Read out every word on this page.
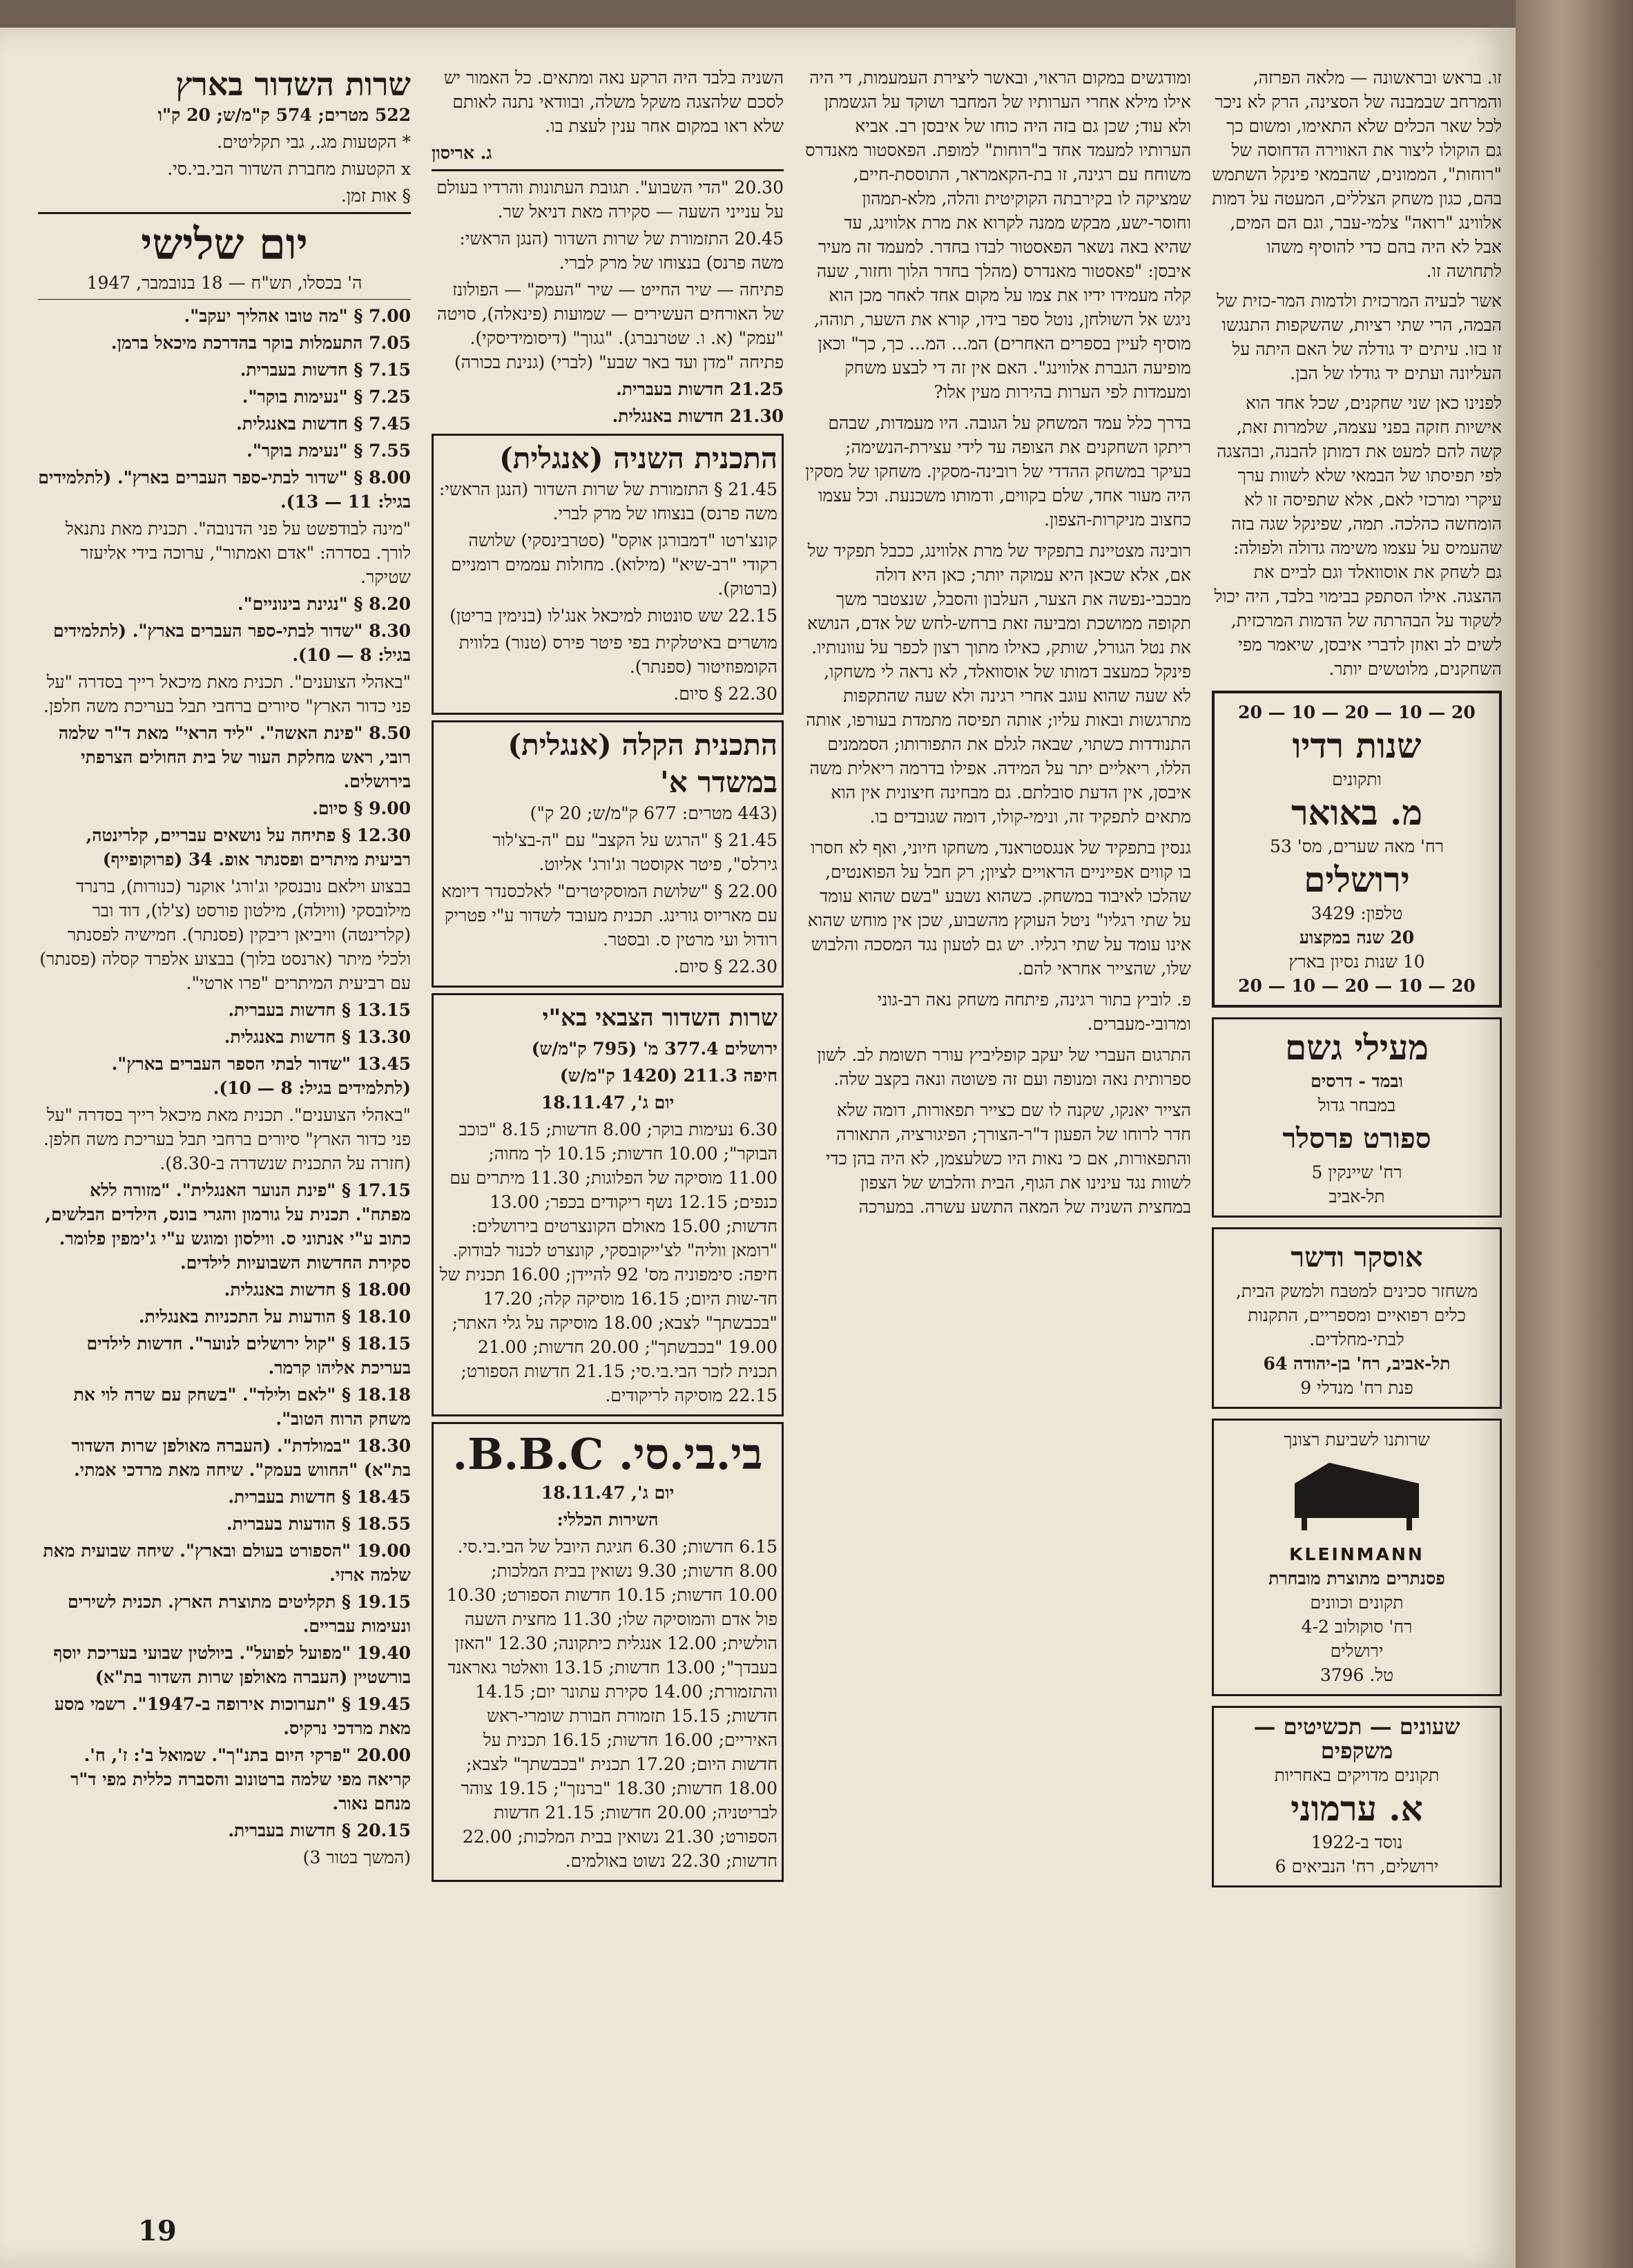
זו. בראש ובראשונה — מלאה הפרזה, והמרחב שבמבנה של הסצינה, הרק לא ניכר לכל שאר הכלים שלא התאימו, ומשום כך גם הוקולו ליצור את האווירה הדחוסה של "רוחות", הממונים, שהבמאי פינקל השתמש בהם, כגון משחק הצללים, המעטה על דמות אלווינג "רואה" צלמי-עבר, וגם הם המים, אבל לא היה בהם כדי להוסיף משהו לתחושה זו.

אשר לבעיה המרכזית ולדמות המר-כזית של הבמה, הרי שתי רציות, שהשקפות התנגשו זו בזו. עיתים יד גודלה של האם היתה על העליונה ועתים יד גודלו של הבן.

לפנינו כאן שני שחקנים, שכל אחד הוא אישיות חזקה בפני עצמה, שלמרות זאת, קשה להם למעט את דמותן להבנה, ובהצגה לפי תפיסתו של הבמאי שלא לשוות ערך עיקרי ומרכזי לאם, אלא שתפיסה זו לא הומחשה כהלכה. תמה, שפינקל שגה בזה שהעמיס על עצמו משימה גדולה ולפולה: גם לשחק את אוסוואלד וגם לביים את ההצגה. אילו הסתפק בבימוי בלבד, היה יכול לשקוד על הבהרתה של הדמות המרכזית, לשים לב ואוזן לדברי איבסן, שיאמר מפי השחקנים, מלוטשים יותר.

20 — 10 — 20 — 10 — 20
שנות רדיו
ותקונים
מ. באואר
רח' מאה שערים, מס' 53
ירושלים
טלפון: 3429
20 שנה במקצוע
10 שנות נסיון בארץ
20 — 10 — 20 — 10 — 20
מעילי גשם
ובמד - דרסים
במבחר גדול
ספורט פרסלר
רח' שיינקין 5
תל-אביב
אוסקר ודשר
משחזר סכינים למטבח ולמשק הבית, כלים רפואיים ומספריים, התקנות לבתי-מחלדים.
תל-אביב, רח' בן-יהודה 64
פנת רח' מנדלי 9
שרותנו לשביעת רצונך
KLEINMANN
פסנתרים מתוצרת מובחרת
תקונים וכוונים
רח' סוקולוב 4-2
ירושלים
טל. 3796
שעונים — תכשיטים — משקפים
תקונים מדויקים באחריות
א. ערמוני
נוסד ב-1922
ירושלים, רח' הנביאים 6

ומודגשים במקום הראוי, ובאשר ליצירת העמעמות, די היה אילו מילא אחרי הערותיו של המחבר ושוקד על הגשמתן ולא עוד; שכן גם בזה היה כוחו של איבסן רב. אביא הערותיו למעמד אחד ב"רוחות" למופת. הפאסטור מאנדרס משוחח עם רגינה, זו בת-הקאמראר, התוססת-חיים, שמציקה לו בקירבתה הקוקיטית והלה, מלא-תמהון וחוסר-ישע, מבקש ממנה לקרוא את מרת אלווינג, עד שהיא באה נשאר הפאסטור לבדו בחדר. למעמד זה מעיר איבסן: "פאסטור מאנדרס (מהלך בחדר הלוך וחזור, שעה קלה מעמידו ידיו את צמו על מקום אחד לאחר מכן הוא ניגש אל השולחן, נוטל ספר בידו, קורא את השער, תוהה, מוסיף לעיין בספרים האחרים) המ... המ... כך, כך" וכאן מופיעה הגברת אלווינג". האם אין זה די לבצע משחק ומעמדות לפי הערות בהירות מעין אלו?

בדרך כלל עמד המשחק על הגובה. היו מעמדות, שבהם ריתקו השחקנים את הצופה עד לידי עצירת-הנשימה; בעיקר במשחק ההדדי של רובינה-מסקין. משחקו של מסקין היה מעור אחד, שלם בקווים, ודמותו משכנעת. וכל עצמו כחצוב מניקרות-הצפון.

רובינה מצטיינת בתפקיד של מרת אלווינג, ככבל תפקיד של אם, אלא שכאן היא עמוקה יותר; כאן היא דולה מבכבי-נפשה את הצער, העלבון והסבל, שנצטבר משך תקופה ממושכת ומביעה זאת ברחש-לחש של אדם, הנושא את נטל הגורל, שותק, כאילו מתוך רצון לכפר על עוונותיו. פינקל כמעצב דמותו של אוסוואלד, לא נראה לי משחקו, לא שעה שהוא עוגב אחרי רגינה ולא שעה שהתקפות מתרגשות ובאות עליו; אותה תפיסה מתמדת בעורפו, אותה התנודדות כשתוי, שבאה לגלם את התפורותו; הסממנים הללו, ריאליים יתר על המידה. אפילו בדרמה ריאלית משה איבסן, אין הדעת סובלתם. גם מבחינה חיצונית אין הוא מתאים לתפקיד זה, ונימי-קולו, דומה שגובדים בו.

גנסין בתפקיד של אנגסטראנד, משחקו חיוני, ואף לא חסרו בו קווים אפייניים הראויים לציון; רק חבל על הפואנטים, שהלכו לאיבוד במשחק. כשהוא נשבע "בשם שהוא עומד על שתי רגליו" ניטל העוקץ מהשבוע, שכן אין מוחש שהוא אינו עומד על שתי רגליו. יש גם לטעון נגד המסכה והלבוש שלו, שהצייר אחראי להם.

פ. לוביץ בתור רגינה, פיתחה משחק נאה רב-גוני ומרובי-מעברים.

התרגום העברי של יעקב קופליביץ עורר תשומת לב. לשון ספרותית נאה ומנופה ועם זה פשוטה ונאה בקצב שלה.

הצייר יאנקו, שקנה לו שם כצייר תפאורות, דומה שלא חדר לרוחו של הפעון ד"ר-הצורך; הפיגורציה, התאורה והתפאורות, אם כי נאות היו כשלעצמן, לא היה בהן כדי לשוות נגד עינינו את הגוף, הבית והלבוש של הצפון במחצית השניה של המאה התשע עשרה. במערכה

השניה בלבד היה הרקע נאה ומתאים. כל האמור יש לסכם שלהצגה משקל משלה, ובוודאי נתנה לאותם שלא ראו במקום אחר ענין לעצת בו.

ג. אריסון

20.30 "הדי השבוע". תגובת העתונות והרדיו בעולם על ענייני השעה — סקירה מאת דניאל שר.

20.45 התזמורת של שרות השדור (הנגן הראשי: משה פרנס) בנצוחו של מרק לברי.

פתיחה — שיר החייט — שיר "העמק" — הפולונז של האורחים העשירים — שמועות (פינאלה), סויטה "עמק" (א. ו. שטרנברג). "גגוך" (דיסומידיסקי). פתיחה "מדן ועד באר שבע" (לברי) (גנינת בכורה)

21.25 חדשות בעברית.

21.30 חדשות באנגלית.

התכנית השניה (אנגלית)

21.45 § התזמורת של שרות השדור (הנגן הראשי: משה פרנס) בנצוחו של מרק לברי.

קונצ'רטו "דמבורגן אוקס" (סטרבינסקי) שלושה רקודי "רב-שיא" (מילוא). מחולות עממים רומניים (ברטוק).

22.15 שש סונטות למיכאל אנג'לו (בנימין בריטן)

מושרים באיטלקית בפי פיטר פירס (טנור) בלווית הקומפוזיטור (ספנתר).

22.30 § סיום.

התכנית הקלה (אנגלית) במשדר א'

(443 מטרים: 677 ק"מ/ש; 20 ק")

21.45 § "הרגש על הקצב" עם "ה-בצ'לור גירלס", פיטר אקוסטר וג'ורג' אליוט.

22.00 § "שלושת המוסקיטרים" לאלכסנדר דיומא עם מאריוס גורינג. תכנית מעובד לשדור ע"י פטריק רודול ועי מרטין ס. ובסטר.

22.30 § סיום.

שרות השדור הצבאי בא"י

ירושלים 377.4 מ' (795 ק"מ/ש)

חיפה 211.3 (1420 ק"מ/ש)

יום ג', 18.11.47

6.30 נעימות בוקר; 8.00 חדשות; 8.15 "כוכב הבוקר"; 10.00 חדשות; 10.15 לך מחוה; 11.00 מוסיקה של הפלוגות; 11.30 מיתרים עם כנפים; 12.15 נשף ריקודים בכפר; 13.00 חדשות; 15.00 מאולם הקונצרטים בירושלים: "רומאן ווליה" לצ'ייקובסקי, קונצרט לכנור לבודוק. חיפה: סימפוניה מס' 92 להיידן; 16.00 תכנית של חד-שות היום; 16.15 מוסיקה קלה; 17.20 "בכבשתך" לצבא; 18.00 מוסיקה על גלי האתר; 19.00 "בכבשתך"; 20.00 חדשות; 21.00 תכנית לזכר הבי.בי.סי; 21.15 חדשות הספורט; 22.15 מוסיקה לריקודים.

בי.בי.סי. B.B.C.

יום ג', 18.11.47

השירות הכללי:

6.15 חדשות; 6.30 חגיגת היובל של הבי.בי.סי. 8.00 חדשות; 9.30 נשואין בבית המלכות; 10.00 חדשות; 10.15 חדשות הספורט; 10.30 פול אדם והמוסיקה שלו; 11.30 מחצית השעה הולשית; 12.00 אנגלית כיתקונה; 12.30 "האזן בעבדך"; 13.00 חדשות; 13.15 וואלטר גאראנד והתזמורת; 14.00 סקירת עתונר יום; 14.15 חדשות; 15.15 תזמורת חבורת שומרי-ראש האיריים; 16.00 חדשות; 16.15 תכנית על חדשות היום; 17.20 תכנית "בכבשתך" לצבא; 18.00 חדשות; 18.30 "ברנזך"; 19.15 צוהר לבריטניה; 20.00 חדשות; 21.15 חדשות הספורט; 21.30 נשואין בבית המלכות; 22.00 חדשות; 22.30 נשוט באולמים.

שרות השדור בארץ

522 מטרים; 574 ק"מ/ש; 20 ק"ו

* הקטעות מג., גבי תקליטים.

x הקטעות מחברת השדור הבי.בי.סי.

§ אות זמן.

יום שלישי

ה' בכסלו, תש"ח — 18 בנובמבר, 1947

7.00 § "מה טובו אהליך יעקב".

7.05 התעמלות בוקר בהדרכת מיכאל ברמן.

7.15 § חדשות בעברית.

7.25 § "נעימות בוקר".

7.45 § חדשות באנגלית.

7.55 § "נעימת בוקר".

8.00 § "שדור לבתי-ספר העברים בארץ". (לתלמידים בגיל: 11 — 13).

"מינה לבודפשט על פני הדנובה". תכנית מאת נתנאל לורך. בסדרה: "אדם ואמתור", ערוכה בידי אליעזר שטיקר.

8.20 § "נגינת בינוניים".

8.30 "שדור לבתי-ספר העברים בארץ". (לתלמידים בגיל: 8 — 10).

"באהלי הצוענים". תכנית מאת מיכאל רייך בסדרה "על פני כדור הארץ" סיורים ברחבי תבל בעריכת משה חלפן.

8.50 "פינת האשה". "ליד הראי" מאת ד"ר שלמה רובי, ראש מחלקת העור של בית החולים הצרפתי בירושלים.

9.00 § סיום.

12.30 § פתיחה על נושאים עבריים, קלרינטה, רביעית מיתרים ופסנתר אופ. 34 (פרוקופייף)

בבצוע וילאם נובנסקי וג'ורג' אוקנר (כנורות), ברנרד מילובסקי (וויולה), מילטון פורסט (צ'לו), דוד ובר (קלרינטה) וויביאן ריבקין (פסנתר). חמישיה לפסנתר ולכלי מיתר (ארנסט בלוך) בבצוע אלפרד קסלה (פסנתר) עם רביעית המיתרים "פרו ארטי".

13.15 § חדשות בעברית.

13.30 § חדשות באנגלית.

13.45 "שדור לבתי הספר העברים בארץ". (לתלמידים בגיל: 8 — 10).

"באהלי הצוענים". תכנית מאת מיכאל רייך בסדרה "על פני כדור הארץ" סיורים ברחבי תבל בעריכת משה חלפן. (חזרה על התכנית שנשדרה ב-8.30).

17.15 § "פינת הנוער האנגלית". "מזורה ללא מפתח". תכנית על גורמון והגרי בונס, הילדים הבלשים, כתוב ע"י אנתוני ס. ווילסון ומוגש ע"י ג'ימפין פלומר. סקירת החדשות השבועיות לילדים.

18.00 § חדשות באנגלית.

18.10 § הודעות על התכניות באנגלית.

18.15 § "קול ירושלים לנוער". חדשות לילדים בעריכת אליהו קרמר.

18.18 § "לאם ולילד". "בשחק עם שרה לוי את משחק הרוח הטוב".

18.30 "במולדת". (העברה מאולפן שרות השדור בת"א) "החווש בעמק". שיחה מאת מרדכי אמתי.

18.45 § חדשות בעברית.

18.55 § הודעות בעברית.

19.00 "הספורט בעולם ובארץ". שיחה שבועית מאת שלמה ארזי.

19.15 § תקליטים מתוצרת הארץ. תכנית לשירים ונעימות עבריים.

19.40 "מפועל לפועל". ביולטין שבועי בעריכת יוסף בורשטיין (העברה מאולפן שרות השדור בת"א)

19.45 § "תערוכות אירופה ב-1947". רשמי מסע מאת מרדכי נרקיס.

20.00 "פרקי היום בתנ"ך". שמואל ב': ז', ח'. קריאה מפי שלמה ברטונוב והסברה כללית מפי ד"ר מנחם נאור.

20.15 § חדשות בעברית.

(המשך בטור 3)

19
